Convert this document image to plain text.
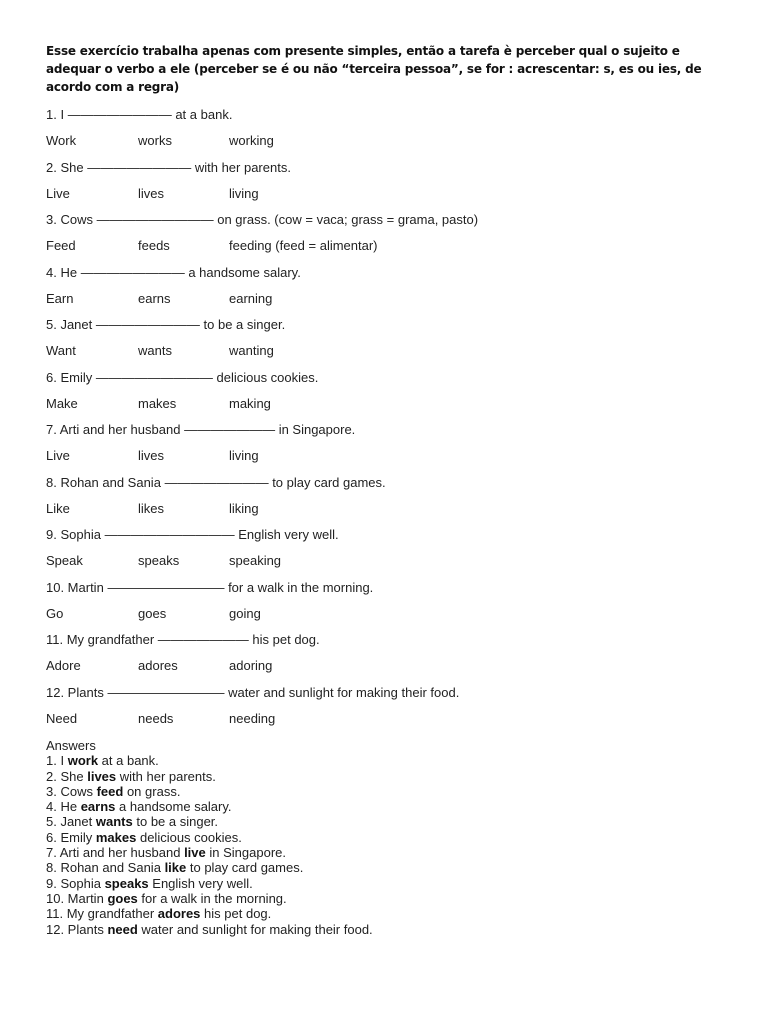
Esse exercício trabalha apenas com presente simples, então a tarefa è perceber qual o sujeito e adequar o verbo a ele (perceber se é ou não “terceira pessoa”, se for : acrescentar: s, es ou ies, de acordo com a regra)

1. I ———————— at a bank.
Work	works	working
2. She ———————— with her parents.
Live	lives	living
3. Cows ————————— on grass. (cow = vaca; grass = grama, pasto)
Feed	feeds	feeding (feed = alimentar)
4. He ———————— a handsome salary.
Earn	earns	earning
5. Janet ———————— to be a singer.
Want	wants	wanting
6. Emily ————————— delicious cookies.
Make	makes	making
7. Arti and her husband ——————— in Singapore.
Live	lives	living
8. Rohan and Sania ———————— to play card games.
Like	likes	liking
9. Sophia —————————— English very well.
Speak	speaks	speaking
10. Martin ————————— for a walk in the morning.
Go	goes	going
11. My grandfather ——————— his pet dog.
Adore	adores	adoring
12. Plants ————————— water and sunlight for making their food.
Need	needs	needing
Answers
1. I work at a bank.
2. She lives with her parents.
3. Cows feed on grass.
4. He earns a handsome salary.
5. Janet wants to be a singer.
6. Emily makes delicious cookies.
7. Arti and her husband live in Singapore.
8. Rohan and Sania like to play card games.
9. Sophia speaks English very well.
10. Martin goes for a walk in the morning.
11. My grandfather adores his pet dog.
12. Plants need water and sunlight for making their food.
